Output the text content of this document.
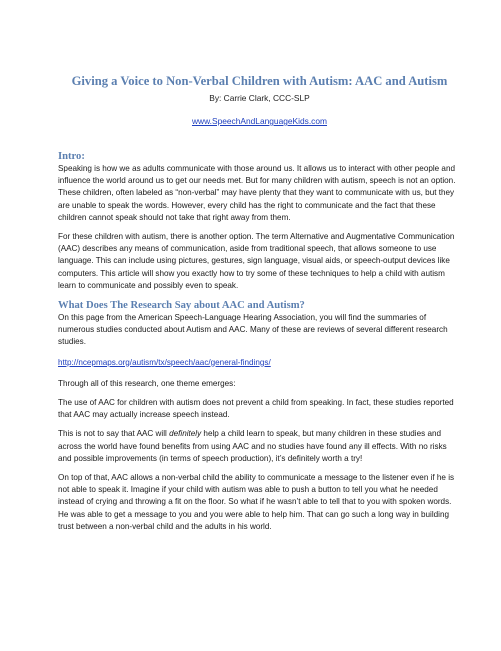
Giving a Voice to Non-Verbal Children with Autism: AAC and Autism
By: Carrie Clark, CCC-SLP
www.SpeechAndLanguageKids.com
Intro:

Speaking is how we as adults communicate with those around us. It allows us to interact with other people and influence the world around us to get our needs met. But for many children with autism, speech is not an option. These children, often labeled as “non-verbal” may have plenty that they want to communicate with us, but they are unable to speak the words. However, every child has the right to communicate and the fact that these children cannot speak should not take that right away from them.

For these children with autism, there is another option. The term Alternative and Augmentative Communication (AAC) describes any means of communication, aside from traditional speech, that allows someone to use language. This can include using pictures, gestures, sign language, visual aids, or speech-output devices like computers. This article will show you exactly how to try some of these techniques to help a child with autism learn to communicate and possibly even to speak.

What Does The Research Say about AAC and Autism?

On this page from the American Speech-Language Hearing Association, you will find the summaries of numerous studies conducted about Autism and AAC. Many of these are reviews of several different research studies.

http://ncepmaps.org/autism/tx/speech/aac/general-findings/

Through all of this research, one theme emerges:

The use of AAC for children with autism does not prevent a child from speaking. In fact, these studies reported that AAC may actually increase speech instead.

This is not to say that AAC will definitely help a child learn to speak, but many children in these studies and across the world have found benefits from using AAC and no studies have found any ill effects. With no risks and possible improvements (in terms of speech production), it’s definitely worth a try!

On top of that, AAC allows a non-verbal child the ability to communicate a message to the listener even if he is not able to speak it. Imagine if your child with autism was able to push a button to tell you what he needed instead of crying and throwing a fit on the floor. So what if he wasn’t able to tell that to you with spoken words. He was able to get a message to you and you were able to help him. That can go such a long way in building trust between a non-verbal child and the adults in his world.
